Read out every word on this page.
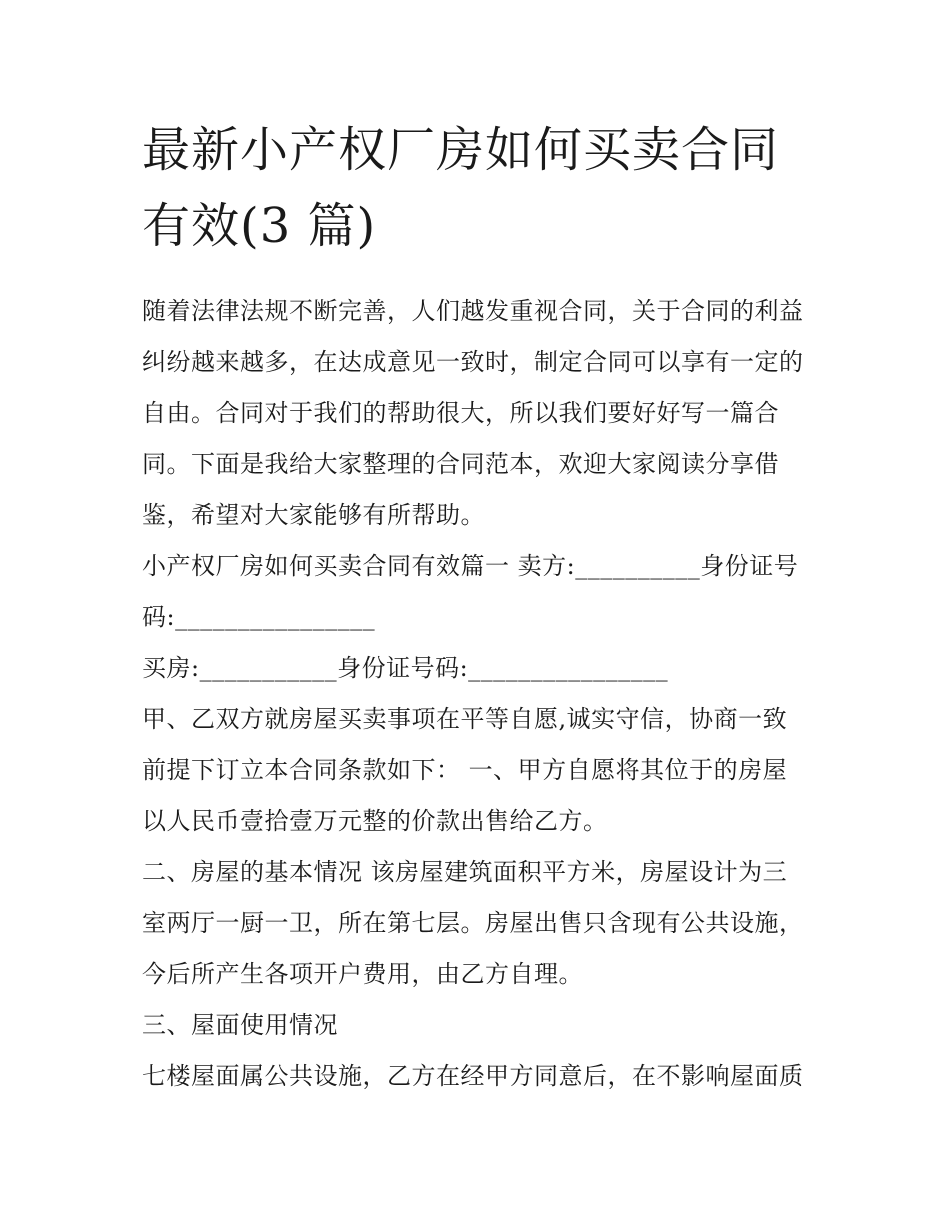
最新小产权厂房如何买卖合同
有效(3 篇)

随着法律法规不断完善，人们越发重视合同，关于合同的利益
纠纷越来越多，在达成意见一致时，制定合同可以享有一定的
自由。合同对于我们的帮助很大，所以我们要好好写一篇合
同。下面是我给大家整理的合同范本，欢迎大家阅读分享借
鉴，希望对大家能够有所帮助。

小产权厂房如何买卖合同有效篇一 卖方:__________身份证号
码:________________

买房:___________身份证号码:________________

甲、乙双方就房屋买卖事项在平等自愿,诚实守信，协商一致
前提下订立本合同条款如下： 一、甲方自愿将其位于的房屋
以人民币壹拾壹万元整的价款出售给乙方。

二、房屋的基本情况 该房屋建筑面积平方米，房屋设计为三
室两厅一厨一卫，所在第七层。房屋出售只含现有公共设施，
今后所产生各项开户费用，由乙方自理。

三、屋面使用情况

七楼屋面属公共设施，乙方在经甲方同意后，在不影响屋面质
